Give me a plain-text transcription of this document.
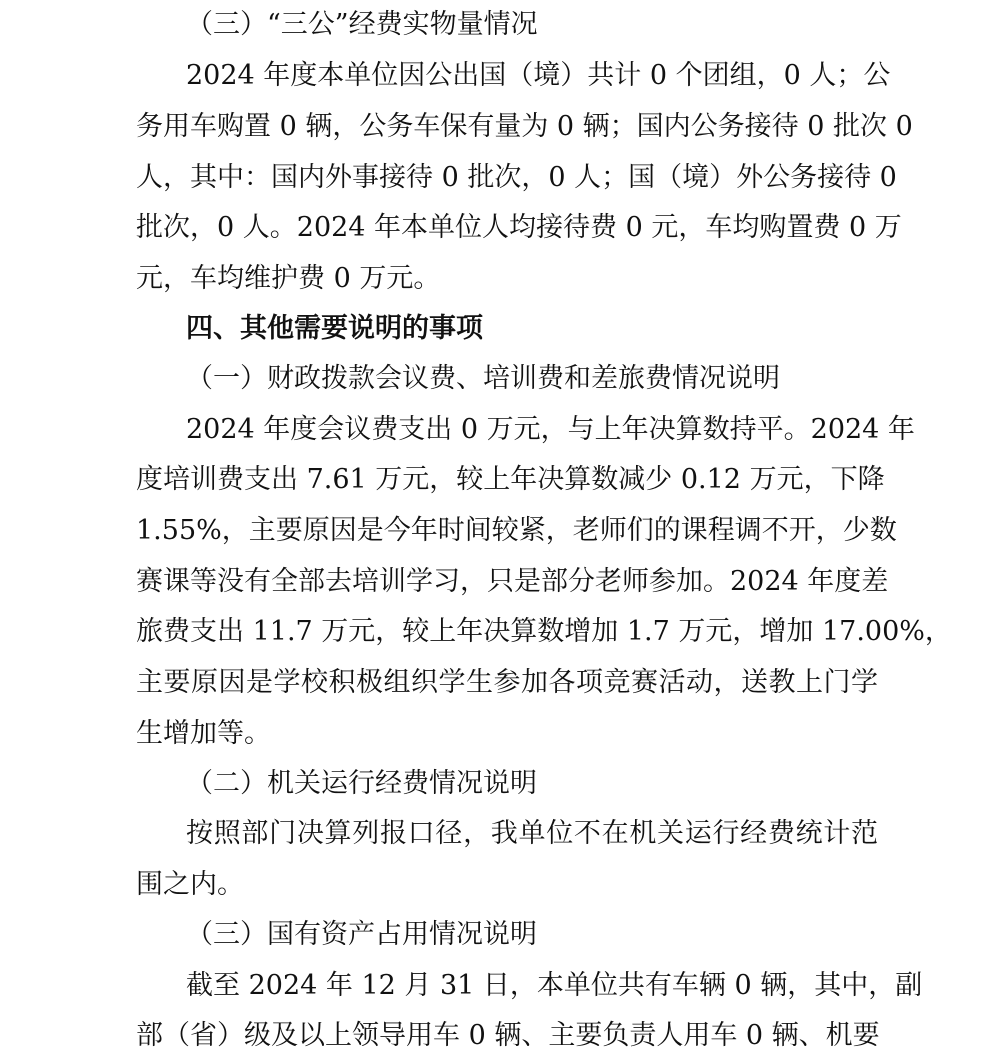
（三）“三公”经费实物量情况
2024 年度本单位因公出国（境）共计 0 个团组，0 人；公
务用车购置 0 辆，公务车保有量为 0 辆；国内公务接待 0 批次 0
人，其中：国内外事接待 0 批次，0 人；国（境）外公务接待 0
批次，0 人。2024 年本单位人均接待费 0 元，车均购置费 0 万
元，车均维护费 0 万元。
四、其他需要说明的事项
（一）财政拨款会议费、培训费和差旅费情况说明
2024 年度会议费支出 0 万元，与上年决算数持平。2024 年
度培训费支出 7.61 万元，较上年决算数减少 0.12 万元，下降
1.55%，主要原因是今年时间较紧，老师们的课程调不开，少数
赛课等没有全部去培训学习，只是部分老师参加。2024 年度差
旅费支出 11.7 万元，较上年决算数增加 1.7 万元，增加 17.00%，
主要原因是学校积极组织学生参加各项竞赛活动，送教上门学
生增加等。
（二）机关运行经费情况说明
按照部门决算列报口径，我单位不在机关运行经费统计范
围之内。
（三）国有资产占用情况说明
截至 2024 年 12 月 31 日，本单位共有车辆 0 辆，其中，副
部（省）级及以上领导用车 0 辆、主要负责人用车 0 辆、机要
